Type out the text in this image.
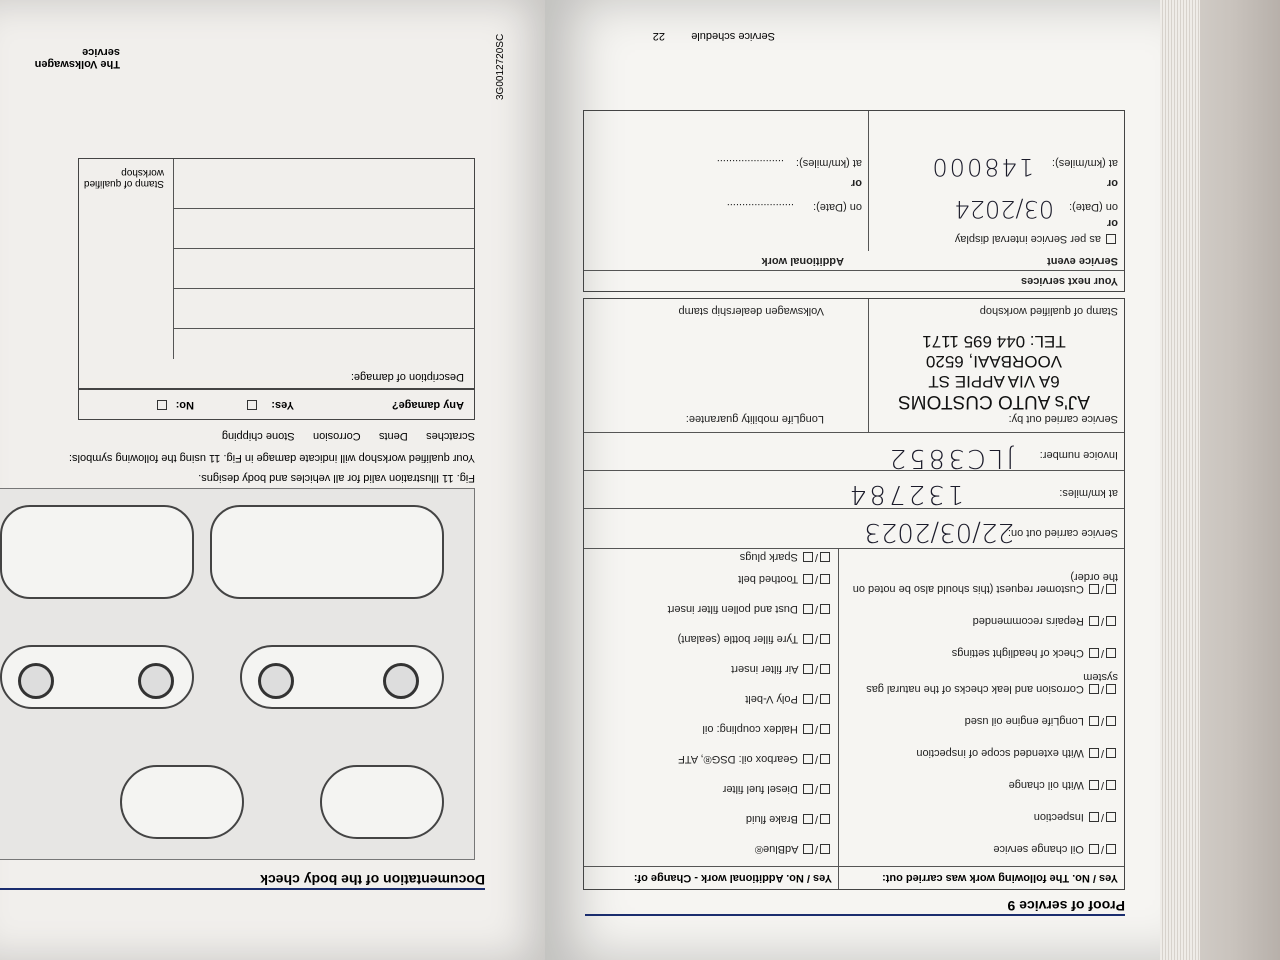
The Volkswagen service	3G0012720SC
Documentation of the body check
Fig. 11 Illustration valid for all vehicles and body designs.
Your qualified workshop will indicate damage in Fig. 11 using the following symbols:
Scratches      Dents      Corrosion      Stone chipping
Any damage?
Yes:
No:
Description of damage:
Stamp of qualified workshop
22 Service schedule
Proof of service 9
Yes / No. The following work was carried out:
Yes / No. Additional work - Change of:
/ Oil change service
/ Inspection
/ With oil change
/ With extended scope of inspection
/ LongLife engine oil used
/ Corrosion and leak checks of the natural gas system
/ Check of headlight settings
/ Repairs recommended
/ Customer request (this should also be noted on the order)
/ AdBlue®
/ Brake fluid
/ Diesel fuel filter
/ Gearbox oil: DSG®, ATF
/ Haldex coupling: oil
/ Poly V-belt
/ Air filter insert
/ Tyre filler bottle (sealant)
/ Dust and pollen filter insert
/ Toothed belt
/ Spark plugs
Service carried out on:
22/03/2023
at km/miles:
132784
Invoice number:
JLC3852
Service carried out by:
LongLife mobility guarantee:
AJ's AUTO CUSTOMS
6A VIA APPIE ST
VOORBAAI, 6520
TEL: 044 695 1171
Stamp of qualified workshop
Volkswagen dealership stamp
Your next services
Service event
Additional work
as per Service interval display
or
on (Date):
03/2024
or
at (km/miles):
148000
on (Date):
......................
or
at (km/miles):
......................
